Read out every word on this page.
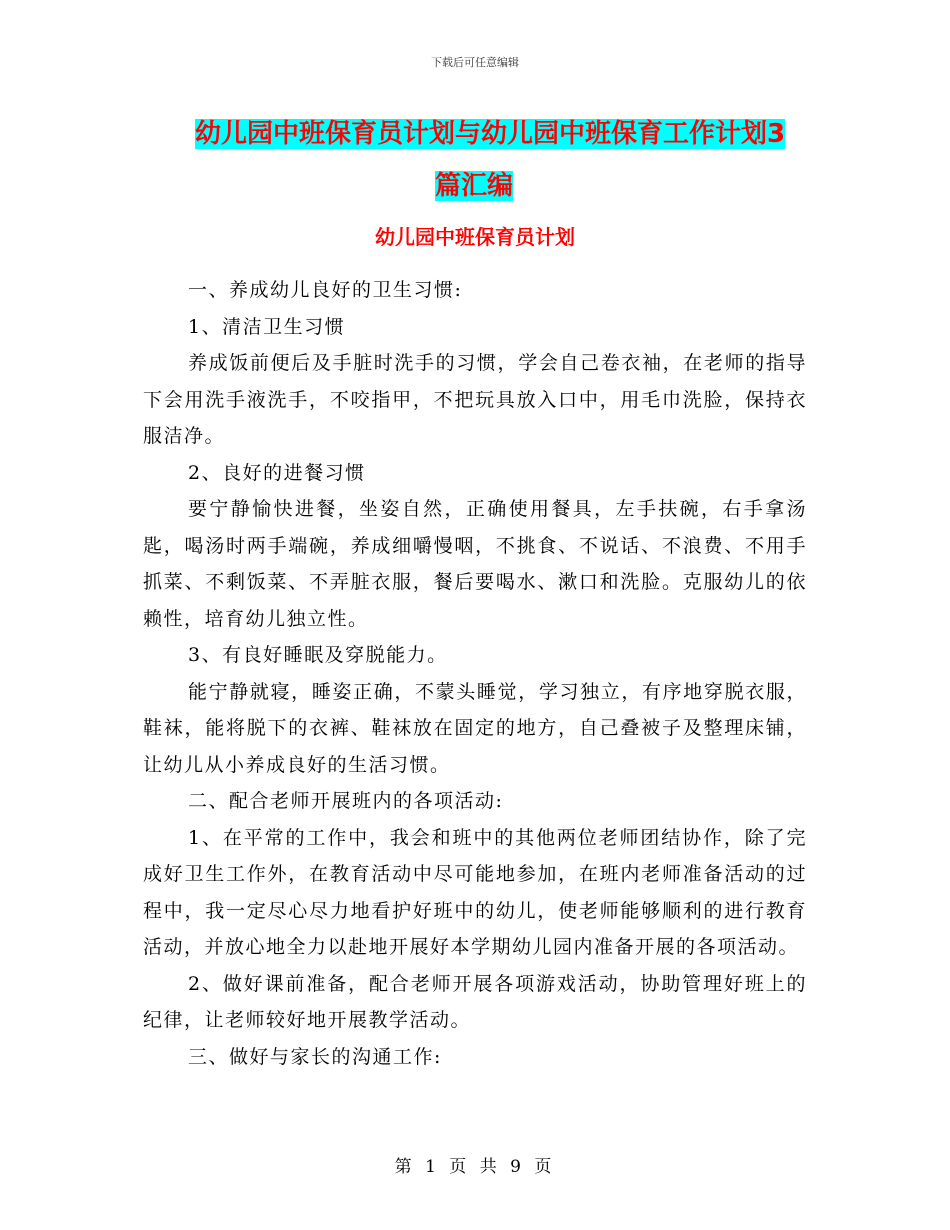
下载后可任意编辑
幼儿园中班保育员计划与幼儿园中班保育工作计划3
篇汇编
幼儿园中班保育员计划

一、养成幼儿良好的卫生习惯:

1、清洁卫生习惯

养成饭前便后及手脏时洗手的习惯，学会自己卷衣袖，在老师的指导下会用洗手液洗手，不咬指甲，不把玩具放入口中，用毛巾洗脸，保持衣服洁净。

2、良好的进餐习惯

要宁静愉快进餐，坐姿自然，正确使用餐具，左手扶碗，右手拿汤匙，喝汤时两手端碗，养成细嚼慢咽，不挑食、不说话、不浪费、不用手抓菜、不剩饭菜、不弄脏衣服，餐后要喝水、漱口和洗脸。克服幼儿的依赖性，培育幼儿独立性。

3、有良好睡眠及穿脱能力。

能宁静就寝，睡姿正确，不蒙头睡觉，学习独立，有序地穿脱衣服，鞋袜，能将脱下的衣裤、鞋袜放在固定的地方，自己叠被子及整理床铺，让幼儿从小养成良好的生活习惯。

二、配合老师开展班内的各项活动:

1、在平常的工作中，我会和班中的其他两位老师团结协作，除了完成好卫生工作外，在教育活动中尽可能地参加，在班内老师准备活动的过程中，我一定尽心尽力地看护好班中的幼儿，使老师能够顺利的进行教育活动，并放心地全力以赴地开展好本学期幼儿园内准备开展的各项活动。

2、做好课前准备，配合老师开展各项游戏活动，协助管理好班上的纪律，让老师较好地开展教学活动。

三、做好与家长的沟通工作:

第 1 页 共 9 页
